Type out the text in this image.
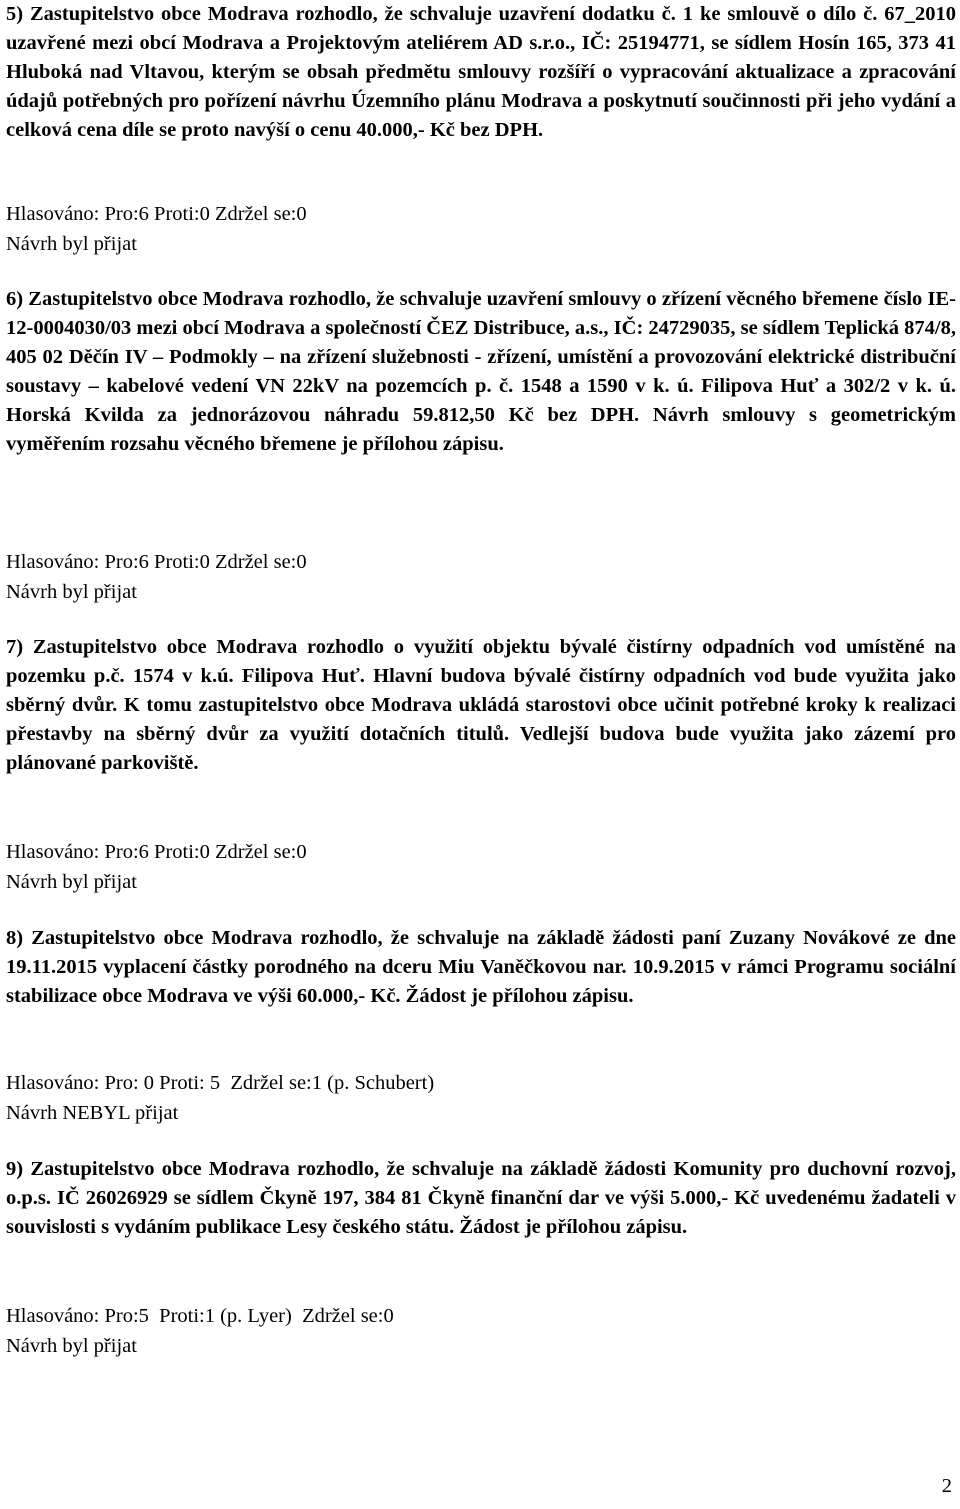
5) Zastupitelstvo obce Modrava rozhodlo, že schvaluje uzavření dodatku č. 1 ke smlouvě o dílo č. 67_2010 uzavřené mezi obcí Modrava a Projektovým ateliérem AD s.r.o., IČ: 25194771, se sídlem Hosín 165, 373 41 Hluboká nad Vltavou, kterým se obsah předmětu smlouvy rozšíří o vypracování aktualizace a zpracování údajů potřebných pro pořízení návrhu Územního plánu Modrava a poskytnutí součinnosti při jeho vydání a celková cena díle se proto navýší o cenu 40.000,- Kč bez DPH.
Hlasováno: Pro:6 Proti:0 Zdržel se:0
Návrh byl přijat
6) Zastupitelstvo obce Modrava rozhodlo, že schvaluje uzavření smlouvy o zřízení věcného břemene číslo IE-12-0004030/03 mezi obcí Modrava a společností ČEZ Distribuce, a.s., IČ: 24729035, se sídlem Teplická 874/8, 405 02 Děčín IV – Podmokly – na zřízení služebnosti - zřízení, umístění a provozování elektrické distribuční soustavy – kabelové vedení VN 22kV na pozemcích p. č. 1548 a 1590 v k. ú. Filipova Huť a 302/2 v k. ú. Horská Kvilda za jednorázovou náhradu 59.812,50 Kč bez DPH. Návrh smlouvy s geometrickým vyměřením rozsahu věcného břemene je přílohou zápisu.
Hlasováno: Pro:6 Proti:0 Zdržel se:0
Návrh byl přijat
7) Zastupitelstvo obce Modrava rozhodlo o využití objektu bývalé čistírny odpadních vod umístěné na pozemku p.č. 1574 v k.ú. Filipova Huť. Hlavní budova bývalé čistírny odpadních vod bude využita jako sběrný dvůr. K tomu zastupitelstvo obce Modrava ukládá starostovi obce učinit potřebné kroky k realizaci přestavby na sběrný dvůr za využití dotačních titulů. Vedlejší budova bude využita jako zázemí pro plánované parkoviště.
Hlasováno: Pro:6 Proti:0 Zdržel se:0
Návrh byl přijat
8) Zastupitelstvo obce Modrava rozhodlo, že schvaluje na základě žádosti paní Zuzany Novákové ze dne 19.11.2015 vyplacení částky porodného na dceru Miu Vaněčkovou nar. 10.9.2015 v rámci Programu sociální stabilizace obce Modrava ve výši 60.000,- Kč. Žádost je přílohou zápisu.
Hlasováno: Pro: 0 Proti: 5  Zdržel se:1 (p. Schubert)
Návrh NEBYL přijat
9) Zastupitelstvo obce Modrava rozhodlo, že schvaluje na základě žádosti Komunity pro duchovní rozvoj, o.p.s. IČ 26026929 se sídlem Čkyně 197, 384 81 Čkyně finanční dar ve výši 5.000,- Kč uvedenému žadateli v souvislosti s vydáním publikace Lesy českého státu. Žádost je přílohou zápisu.
Hlasováno: Pro:5  Proti:1 (p. Lyer)  Zdržel se:0
Návrh byl přijat
2
